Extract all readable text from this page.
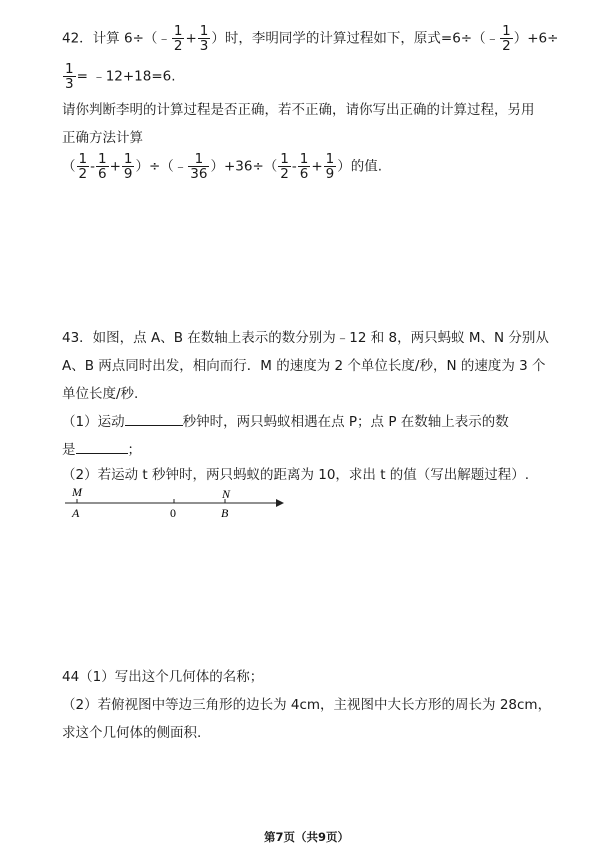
42．计算 6÷（﹣ $\frac{1}{2} + \frac{1}{3}$ ）时，李明同学的计算过程如下，原式=6÷（﹣ $\frac{1}{2} )+6\div$
$\frac{1}{3}$ = ﹣12+18=6.
请你判断李明的计算过程是否正确，若不正确，请你写出正确的计算过程，另用
正确方法计算
（ $\frac{1}{2} - \frac{1}{6} + \frac{1}{9}$ ）÷（﹣ $\frac{1}{36} )+36\div( \frac{1}{2} - \frac{1}{6} + \frac{1}{9}$ ）的值.
43．如图，点 A、B 在数轴上表示的数分别为﹣12 和 8，两只蚂蚁 M、N 分别从
A、B 两点同时出发，相向而行．M 的速度为 2 个单位长度/秒，N 的速度为 3 个
单位长度/秒.
（1）运动	秒钟时，两只蚂蚁相遇在点 P；点 P 在数轴上表示的数
是	；
（2）若运动 t 秒钟时，两只蚂蚁的距离为 10，求出 t 的值（写出解题过程）.
M	N
A	0	B
44（1）写出这个几何体的名称；
（2）若俯视图中等边三角形的边长为 4cm，主视图中大长方形的周长为 28cm，
求这个几何体的侧面积.
第7页（共9页）
